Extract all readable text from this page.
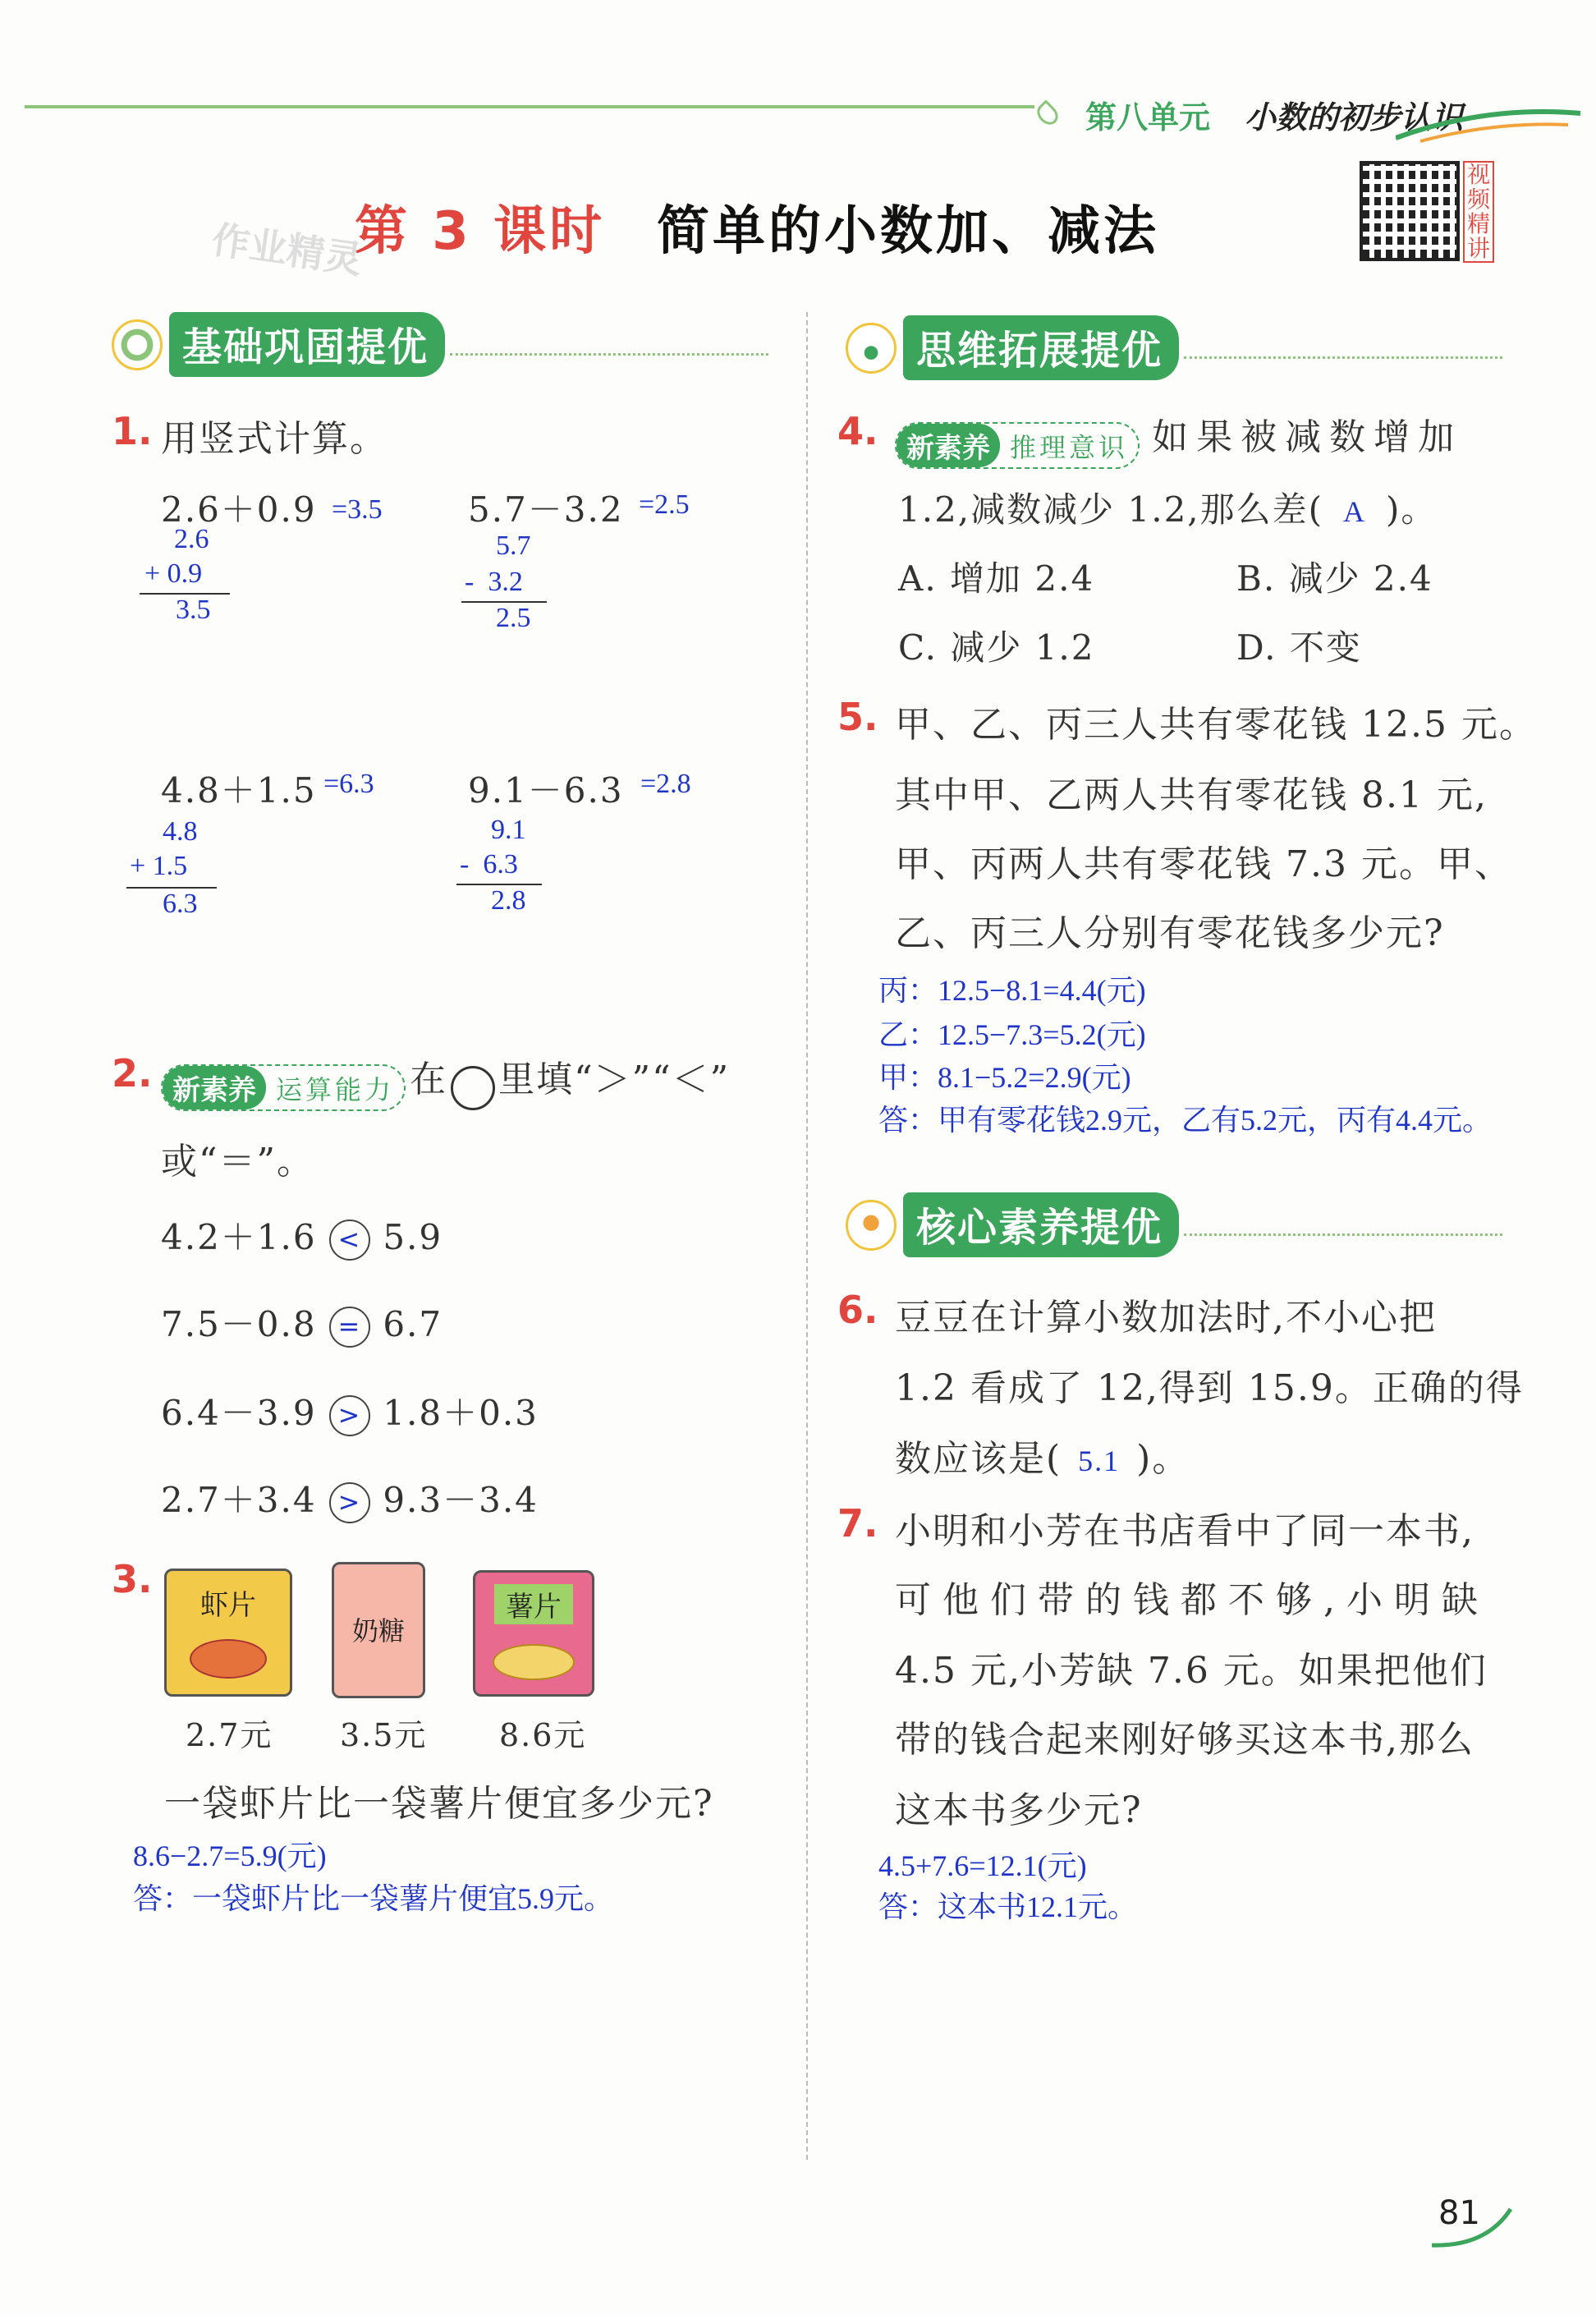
第八单元 小数的初步认识
第 3 课时 简单的小数加、减法
作业精灵
视频精讲
基础巩固提优
1. 用竖式计算。
2.6＋0.9 =3.5
2.6
+ 0.9
3.5
5.7－3.2 =2.5
5.7
-  3.2
2.5
4.8＋1.5 =6.3
4.8
+ 1.5
6.3
9.1－6.3 =2.8
9.1
-  6.3
2.8
2. 新素养 运算能力 在 里填“＞”“＜”
或“＝”。
4.2＋1.6 < 5.9
7.5－0.8 = 6.7
6.4－3.9 > 1.8＋0.3
2.7＋3.4 > 9.3－3.4
3.
虾片
奶糖
薯片
2.7元 3.5元 8.6元
一袋虾片比一袋薯片便宜多少元?
8.6−2.7=5.9(元)
答：一袋虾片比一袋薯片便宜5.9元。
思维拓展提优
4.	新素养 推理意识 如果被减数增加
1.2,减数减少 1.2,那么差( A )。
A. 增加 2.4	B. 减少 2.4
C. 减少 1.2	D. 不变
5. 甲、乙、丙三人共有零花钱 12.5 元。
其中甲、乙两人共有零花钱 8.1 元,
甲、丙两人共有零花钱 7.3 元。甲、
乙、丙三人分别有零花钱多少元?
丙：12.5−8.1=4.4(元)
乙：12.5−7.3=5.2(元)
甲：8.1−5.2=2.9(元)
答：甲有零花钱2.9元，乙有5.2元，丙有4.4元。
核心素养提优
6. 豆豆在计算小数加法时,不小心把
1.2 看成了 12,得到 15.9。正确的得
数应该是( 5.1 )。
7. 小明和小芳在书店看中了同一本书,
可他们带的钱都不够,小明缺
4.5 元,小芳缺 7.6 元。如果把他们
带的钱合起来刚好够买这本书,那么
这本书多少元?
4.5+7.6=12.1(元)
答：这本书12.1元。
81
